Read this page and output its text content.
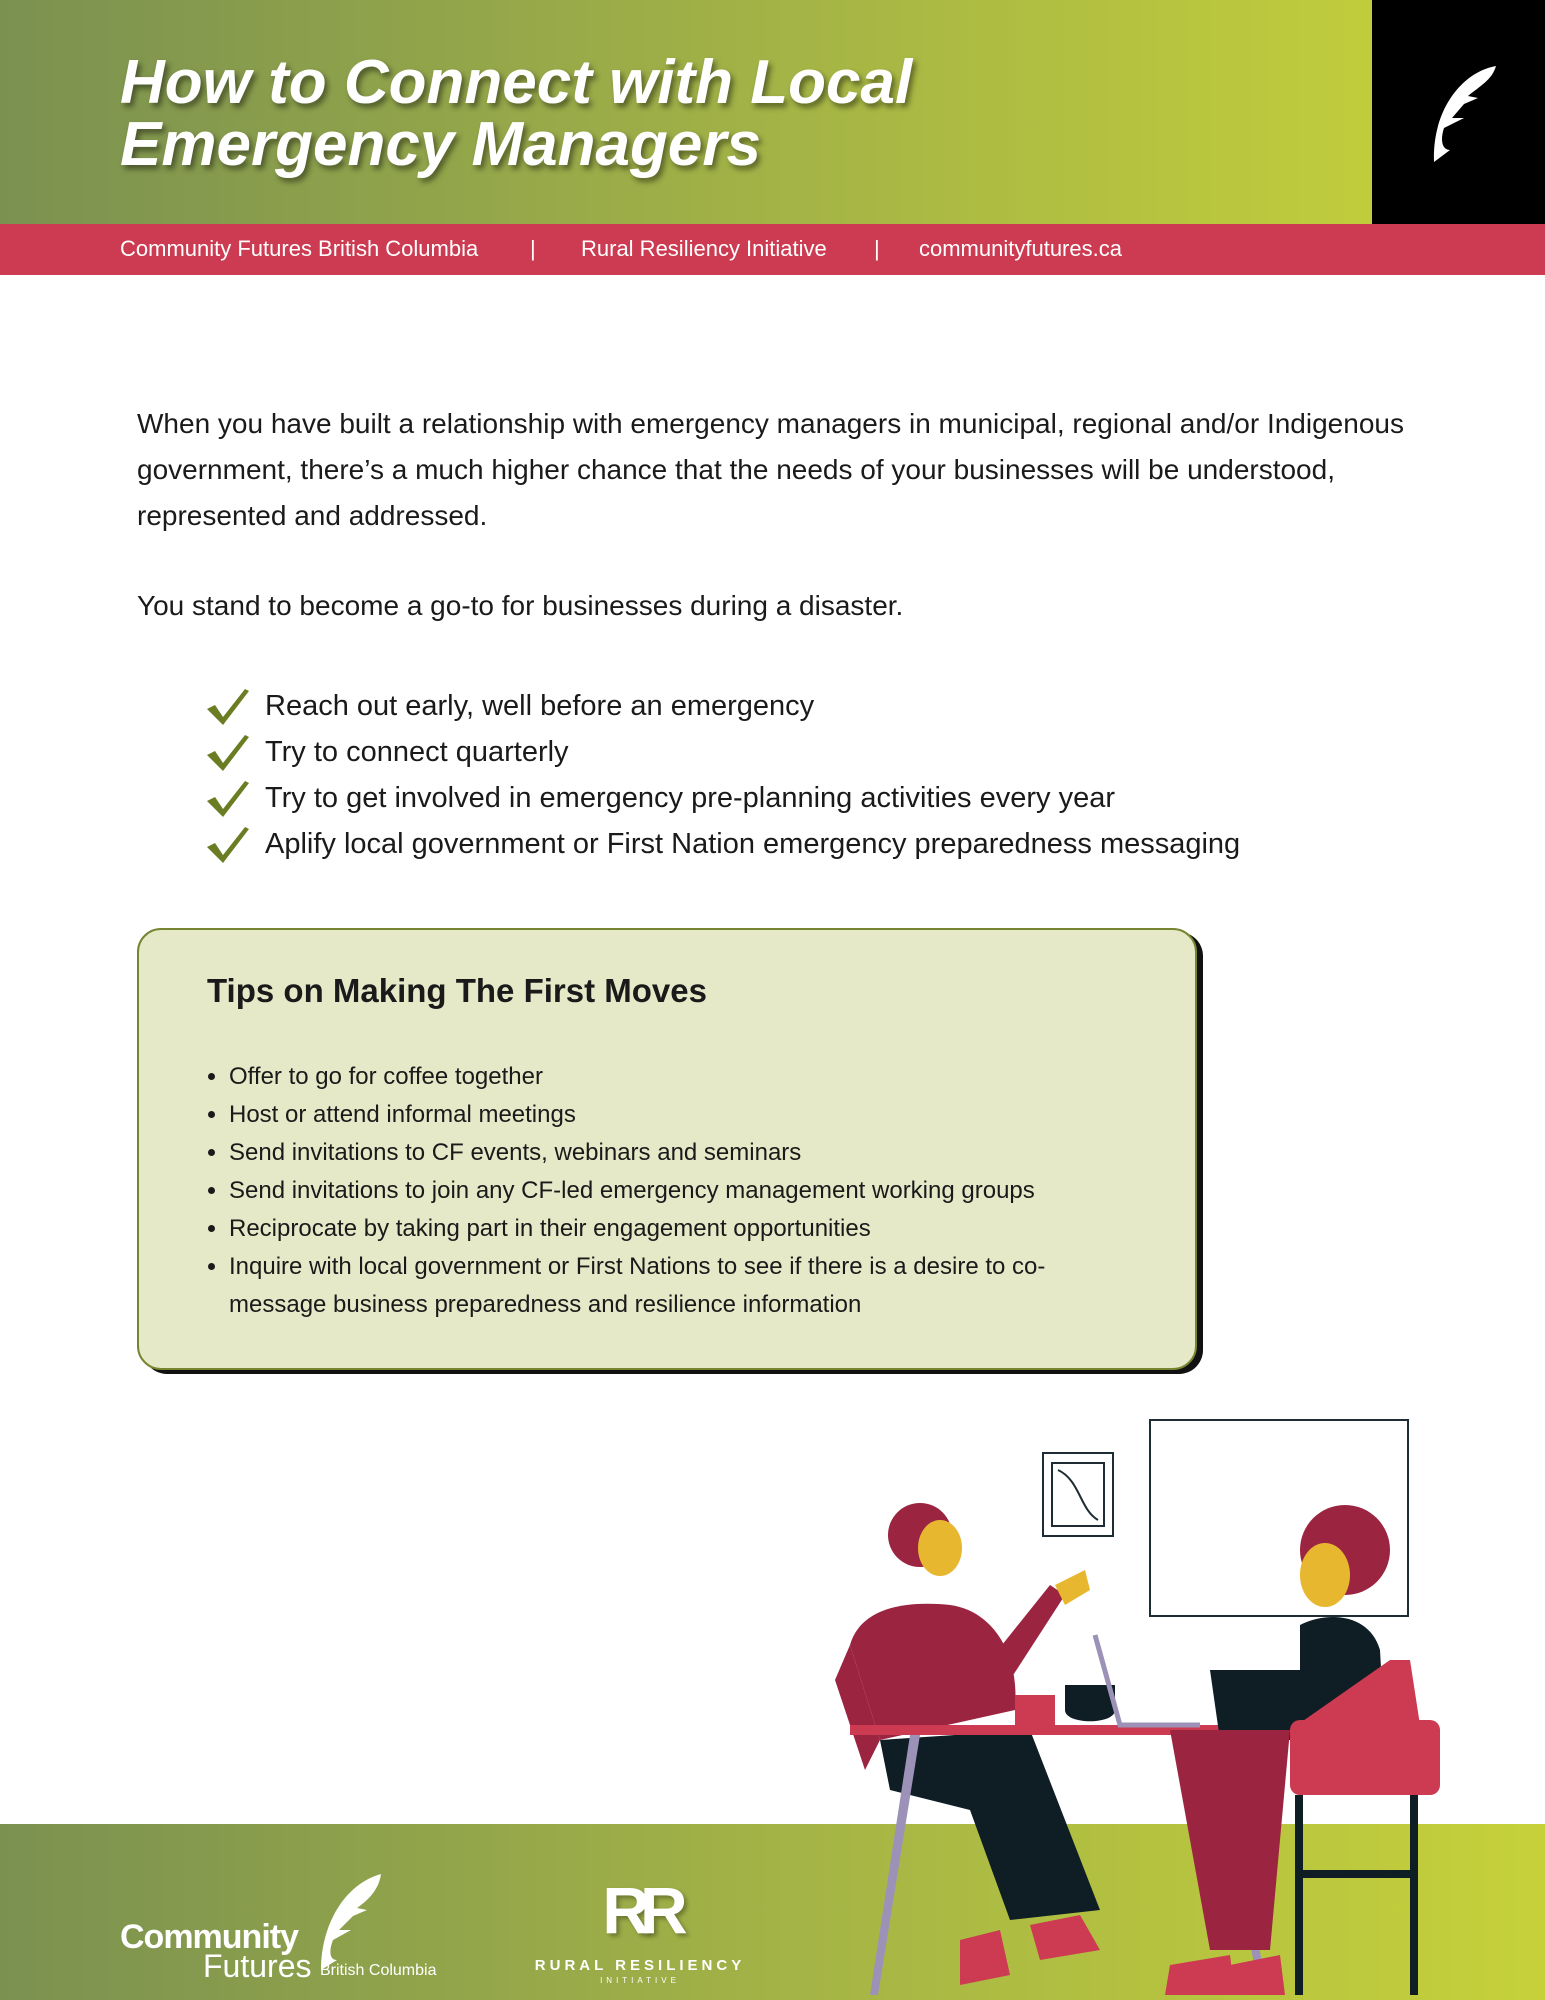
How to Connect with Local
Emergency Managers
Community Futures British Columbia | Rural Resiliency Initiative | communityfutures.ca

When you have built a relationship with emergency managers in municipal, regional and/or Indigenous government, there’s a much higher chance that the needs of your businesses will be understood, represented and addressed.

You stand to become a go-to for businesses during a disaster.

Reach out early, well before an emergency
Try to connect quarterly
Try to get involved in emergency pre-planning activities every year
Aplify local government or First Nation emergency preparedness messaging
Tips on Making The First Moves
• Offer to go for coffee together
• Host or attend informal meetings
• Send invitations to CF events, webinars and seminars
• Send invitations to join any CF-led emergency management working groups
• Reciprocate by taking part in their engagement opportunities
• Inquire with local government or First Nations to see if there is a desire to co-message business preparedness and resilience information
Community
Futures British Columbia
RR
RURAL RESILIENCY
INITIATIVE
